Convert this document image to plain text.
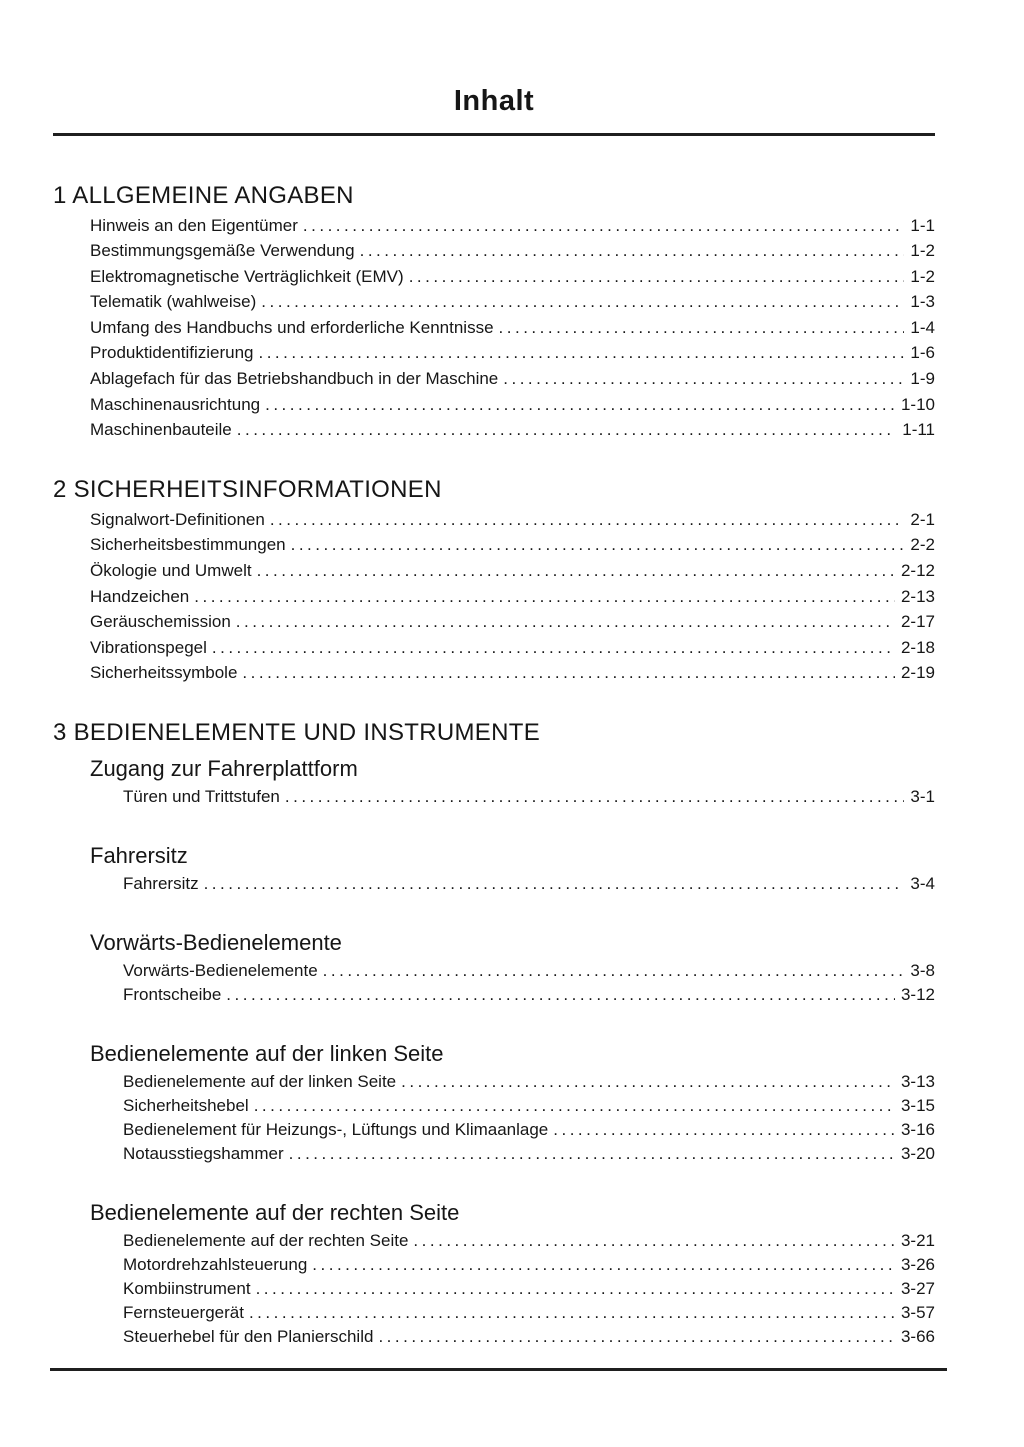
Inhalt
1 ALLGEMEINE ANGABEN
Hinweis an den Eigentümer .....	1-1
Bestimmungsgemäße Verwendung .....	1-2
Elektromagnetische Verträglichkeit (EMV) .....	1-2
Telematik (wahlweise) .....	1-3
Umfang des Handbuchs und erforderliche Kenntnisse .....	1-4
Produktidentifizierung .....	1-6
Ablagefach für das Betriebshandbuch in der Maschine .....	1-9
Maschinenausrichtung .....	1-10
Maschinenbauteile .....	1-11
2 SICHERHEITSINFORMATIONEN
Signalwort-Definitionen .....	2-1
Sicherheitsbestimmungen .....	2-2
Ökologie und Umwelt .....	2-12
Handzeichen .....	2-13
Geräuschemission .....	2-17
Vibrationspegel .....	2-18
Sicherheitssymbole .....	2-19
3 BEDIENELEMENTE UND INSTRUMENTE
Zugang zur Fahrerplattform
Türen und Trittstufen .....	3-1
Fahrersitz
Fahrersitz .....	3-4
Vorwärts-Bedienelemente
Vorwärts-Bedienelemente .....	3-8
Frontscheibe .....	3-12
Bedienelemente auf der linken Seite
Bedienelemente auf der linken Seite .....	3-13
Sicherheitshebel .....	3-15
Bedienelement für Heizungs-, Lüftungs und Klimaanlage .....	3-16
Notausstiegshammer .....	3-20
Bedienelemente auf der rechten Seite
Bedienelemente auf der rechten Seite .....	3-21
Motordrehzahlsteuerung .....	3-26
Kombiinstrument .....	3-27
Fernsteuergerät .....	3-57
Steuerhebel für den Planierschild .....	3-66
